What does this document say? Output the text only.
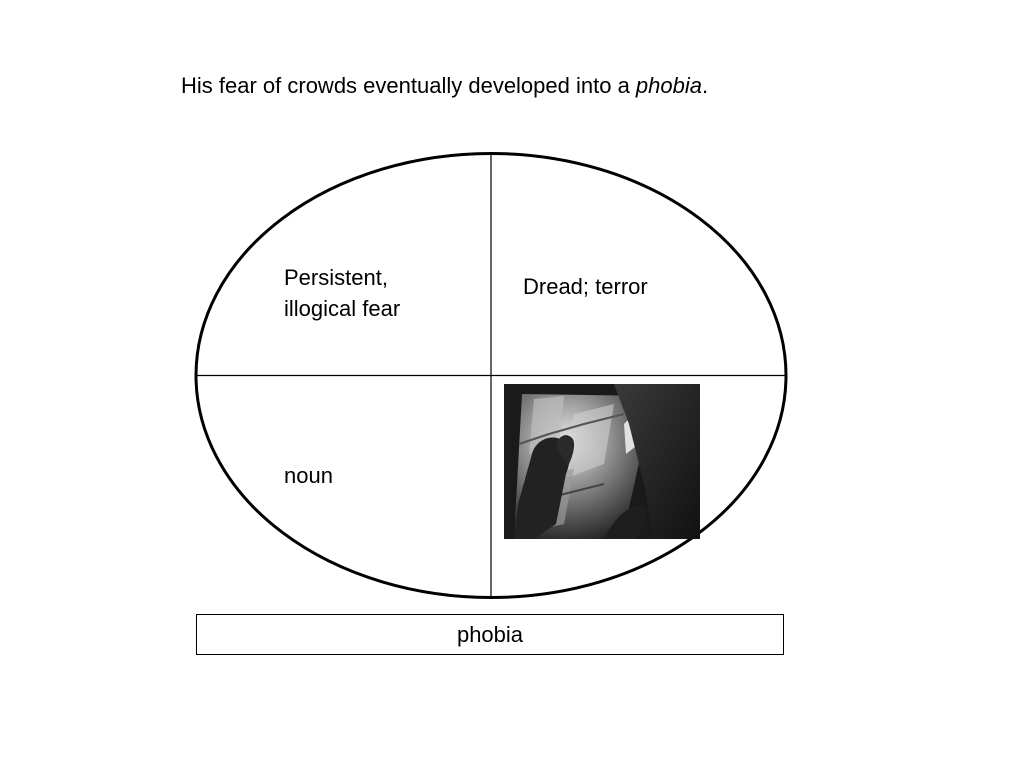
His fear of crowds eventually developed into a phobia.
Persistent, illogical fear
Dread; terror
noun
phobia
